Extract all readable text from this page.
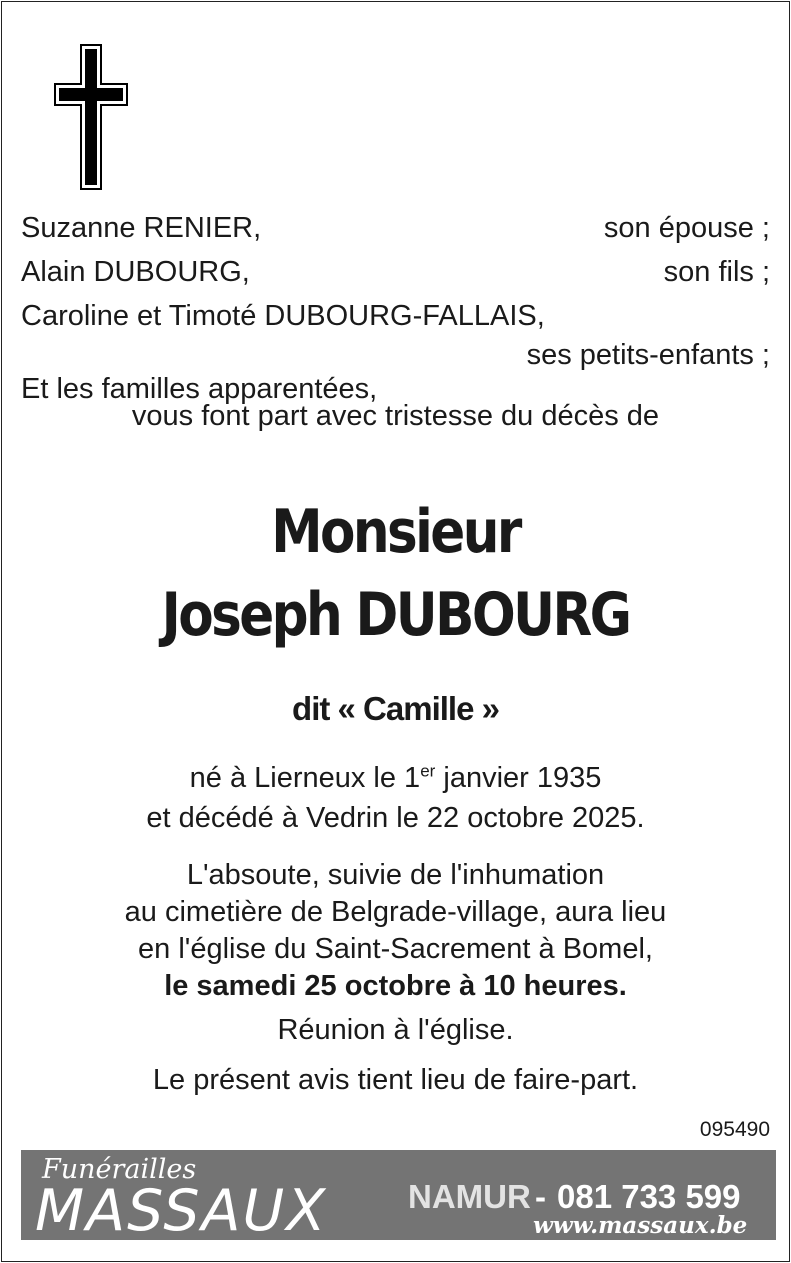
Suzanne RENIER,	son épouse ;
Alain DUBOURG,	son fils ;
Caroline et Timoté DUBOURG-FALLAIS,
ses petits-enfants ;
Et les familles apparentées,
vous font part avec tristesse du décès de
Monsieur
Joseph DUBOURG
dit « Camille »
né à Lierneux le 1er janvier 1935
et décédé à Vedrin le 22 octobre 2025.
L'absoute, suivie de l'inhumation
au cimetière de Belgrade-village, aura lieu
en l'église du Saint-Sacrement à Bomel,
le samedi 25 octobre à 10 heures.
Réunion à l'église.
Le présent avis tient lieu de faire-part.
095490
Funérailles
MASSAUX NAMUR - 081 733 599
www.massaux.be
